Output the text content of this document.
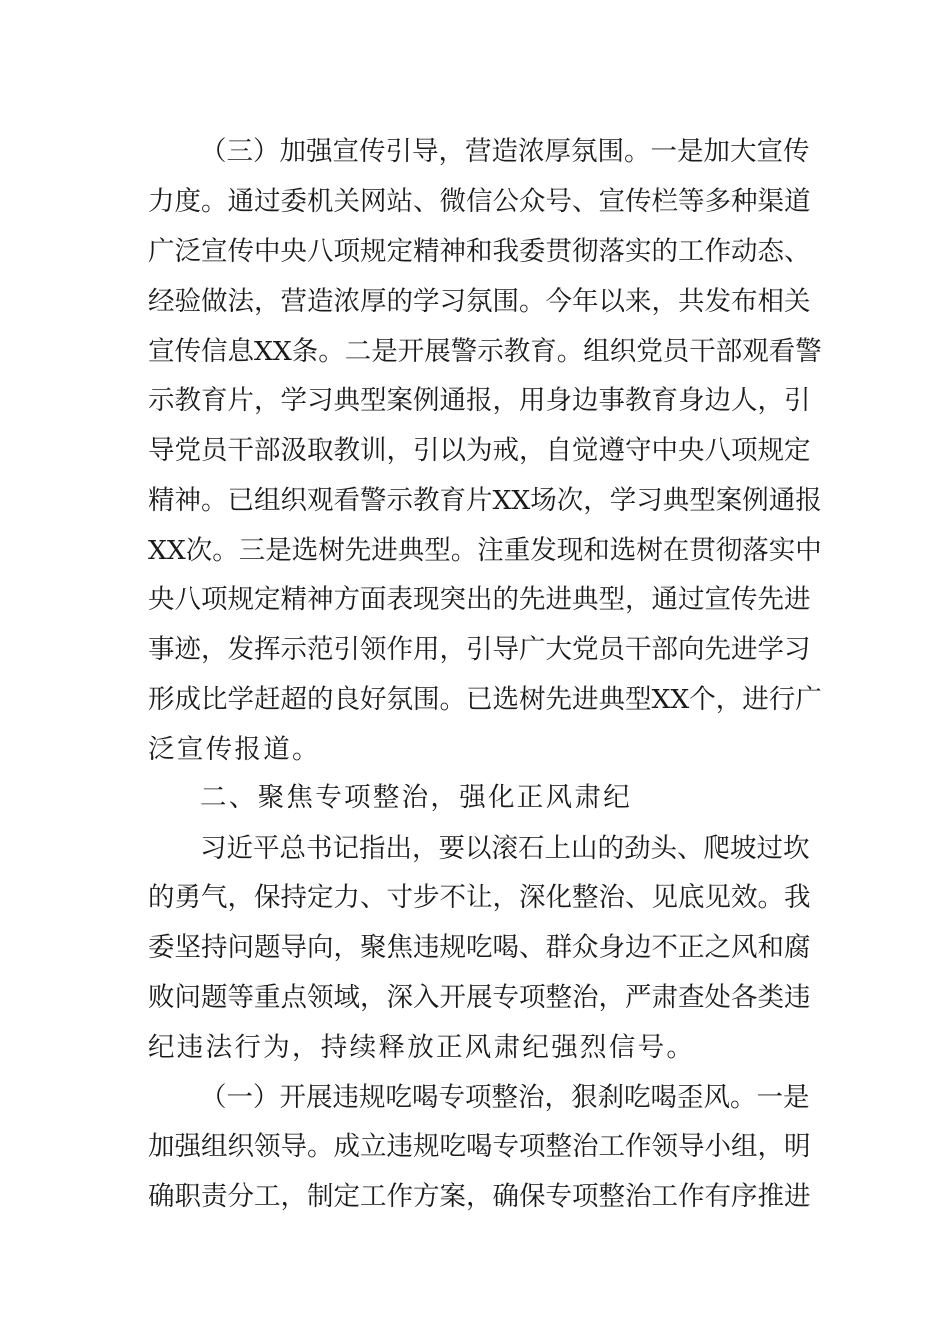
（三）加强宣传引导，营造浓厚氛围。一是加大宣传
力度。通过委机关网站、微信公众号、宣传栏等多种渠道
广泛宣传中央八项规定精神和我委贯彻落实的工作动态、
经验做法，营造浓厚的学习氛围。今年以来，共发布相关
宣传信息XX条。二是开展警示教育。组织党员干部观看警
示教育片，学习典型案例通报，用身边事教育身边人，引
导党员干部汲取教训，引以为戒，自觉遵守中央八项规定
精神。已组织观看警示教育片XX场次，学习典型案例通报
XX次。三是选树先进典型。注重发现和选树在贯彻落实中
央八项规定精神方面表现突出的先进典型，通过宣传先进
事迹，发挥示范引领作用，引导广大党员干部向先进学习
形成比学赶超的良好氛围。已选树先进典型XX个，进行广
泛宣传报道。
二、聚焦专项整治，强化正风肃纪
习近平总书记指出，要以滚石上山的劲头、爬坡过坎
的勇气，保持定力、寸步不让，深化整治、见底见效。我
委坚持问题导向，聚焦违规吃喝、群众身边不正之风和腐
败问题等重点领域，深入开展专项整治，严肃查处各类违
纪违法行为，持续释放正风肃纪强烈信号。
（一）开展违规吃喝专项整治，狠刹吃喝歪风。一是
加强组织领导。成立违规吃喝专项整治工作领导小组，明
确职责分工，制定工作方案，确保专项整治工作有序推进
